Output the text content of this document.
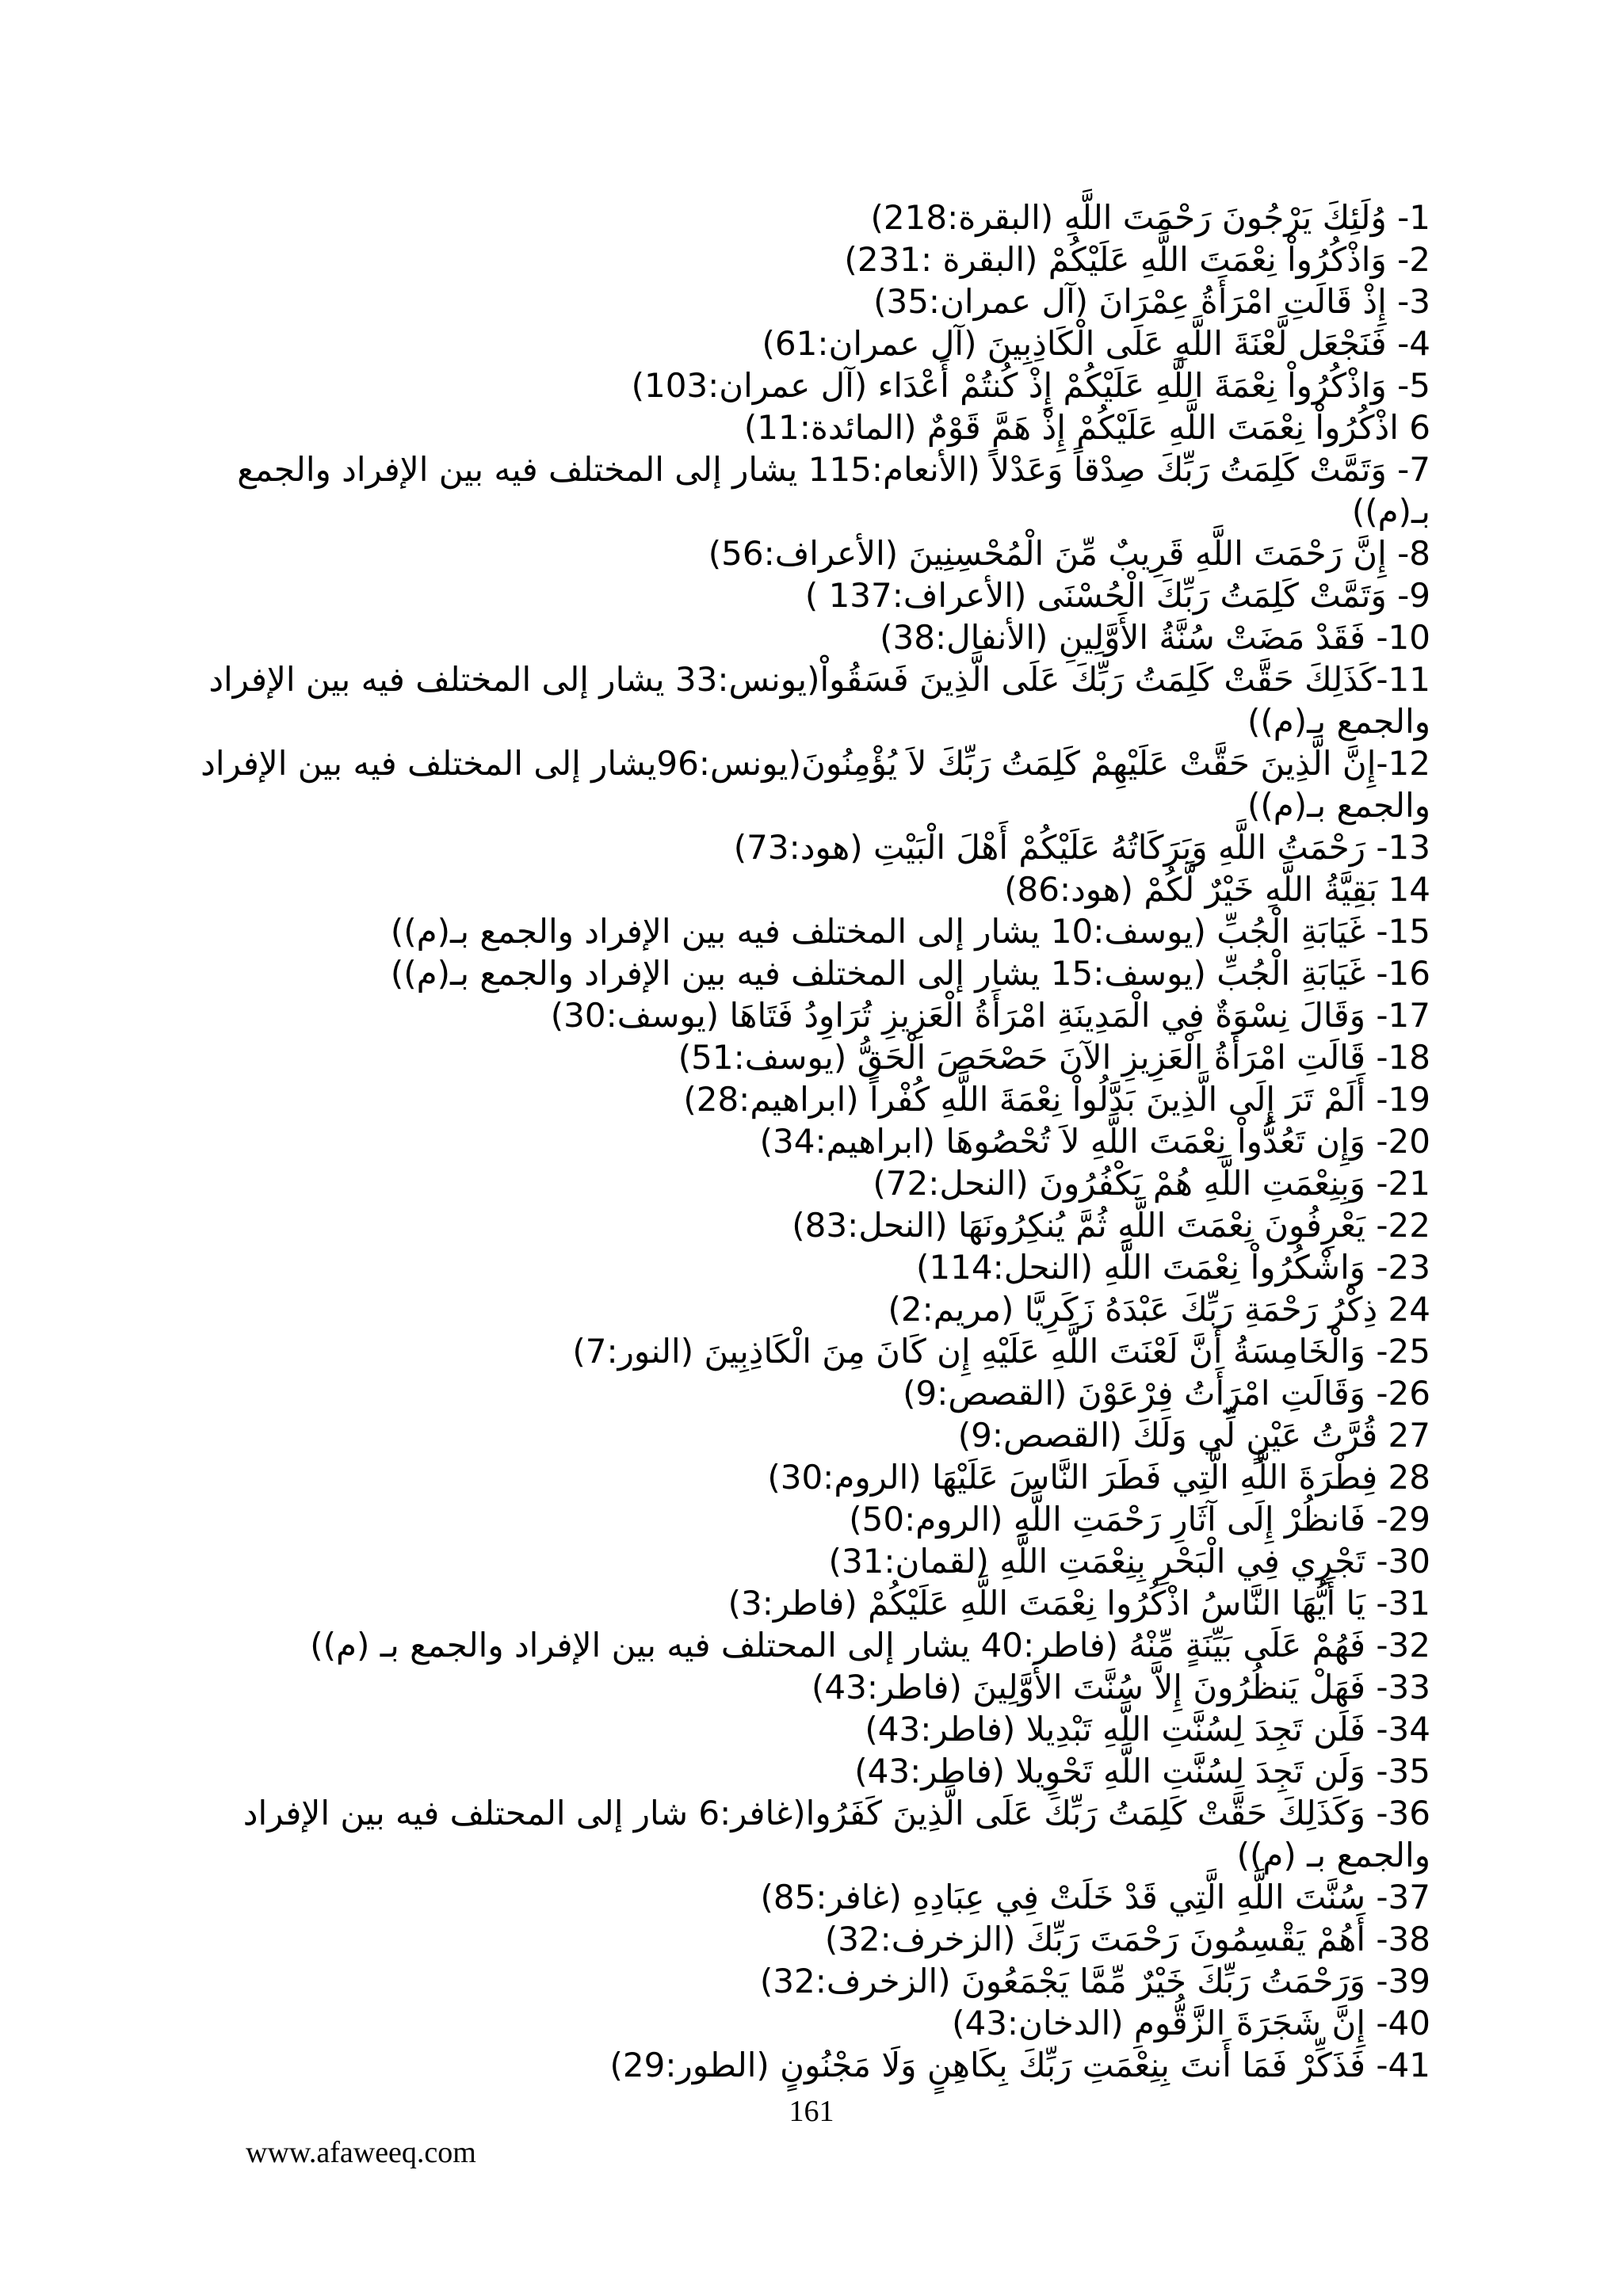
1- وُلَئِكَ يَرْجُونَ رَحْمَتَ اللَّهِ (البقرة:218)

2- وَاذْكُرُواْ نِعْمَتَ اللَّهِ عَلَيْكُمْ (البقرة :231)

3- إِذْ قَالَتِ امْرَأَةُ عِمْرَانَ (آل عمران:35)

4- فَنَجْعَل لَّعْنَةَ اللَّهِ عَلَى الْكَاذِبِينَ (آل عمران:61)

5- وَاذْكُرُواْ نِعْمَةَ اللَّهِ عَلَيْكُمْ إِذْ كُنتُمْ أَعْدَاء (آل عمران:103)

6 اذْكُرُواْ نِعْمَتَ اللَّهِ عَلَيْكُمْ إِذْ هَمَّ قَوْمٌ (المائدة:11)

7- وَتَمَّتْ كَلِمَتُ رَبِّكَ صِدْقاً وَعَدْلاً (الأنعام:115 يشار إلى المختلف فيه بين الإفراد والجمع بـ(م))

8- إِنَّ رَحْمَتَ اللَّهِ قَرِيبٌ مِّنَ الْمُحْسِنِينَ (الأعراف:56)

9- وَتَمَّتْ كَلِمَتُ رَبِّكَ الْحُسْنَى (الأعراف:137 )

10- فَقَدْ مَضَتْ سُنَّةُ الأَوَّلِينِ (الأنفال:38)

11-كَذَلِكَ حَقَّتْ كَلِمَتُ رَبِّكَ عَلَى الَّذِينَ فَسَقُواْ(يونس:33 يشار إلى المختلف فيه بين الإفراد والجمع بـ(م))

12-إِنَّ الَّذِينَ حَقَّتْ عَلَيْهِمْ كَلِمَتُ رَبِّكَ لاَ يُؤْمِنُونَ(يونس:96يشار إلى المختلف فيه بين الإفراد والجمع بـ(م))

13- رَحْمَتُ اللَّهِ وَبَرَكَاتُهُ عَلَيْكُمْ أَهْلَ الْبَيْتِ (هود:73)

14 بَقِيَّةُ اللَّهِ خَيْرٌ لَّكُمْ (هود:86)

15- غَيَابَةِ الْجُبِّ (يوسف:10 يشار إلى المختلف فيه بين الإفراد والجمع بـ(م))

16- غَيَابَةِ الْجُبِّ (يوسف:15 يشار إلى المختلف فيه بين الإفراد والجمع بـ(م))

17- وَقَالَ نِسْوَةٌ فِي الْمَدِينَةِ امْرَأَةُ الْعَزِيزِ تُرَاوِدُ فَتَاهَا (يوسف:30)

18- قَالَتِ امْرَأَةُ الْعَزِيزِ الآنَ حَصْحَصَ الْحَقُّ (يوسف:51)

19- أَلَمْ تَرَ إِلَى الَّذِينَ بَدَّلُواْ نِعْمَةَ اللَّهِ كُفْراً (ابراهيم:28)

20- وَإِن تَعُدُّواْ نِعْمَتَ اللَّهِ لاَ تُحْصُوهَا (ابراهيم:34)

21- وَبِنِعْمَتِ اللَّهِ هُمْ يَكْفُرُونَ (النحل:72)

22- يَعْرِفُونَ نِعْمَتَ اللَّهِ ثُمَّ يُنكِرُونَهَا (النحل:83)

23- وَاشْكُرُواْ نِعْمَتَ اللَّهِ (النحل:114)

24 ذِكْرُ رَحْمَةِ رَبِّكَ عَبْدَهُ زَكَرِيَّا (مريم:2)

25- وَالْخَامِسَةُ أَنَّ لَعْنَتَ اللَّهِ عَلَيْهِ إِن كَانَ مِنَ الْكَاذِبِينَ (النور:7)

26- وَقَالَتِ امْرَأَتُ فِرْعَوْنَ (القصص:9)

27 قُرَّتُ عَيْنٍ لِّي وَلَكَ (القصص:9)

28 فِطْرَةَ اللَّهِ الَّتِي فَطَرَ النَّاسَ عَلَيْهَا (الروم:30)

29- فَانظُرْ إِلَى آثَارِ رَحْمَتِ اللَّهِ (الروم:50)

30- تَجْرِي فِي الْبَحْرِ بِنِعْمَتِ اللَّهِ (لقمان:31)

31- يَا أَيُّهَا النَّاسُ اذْكُرُوا نِعْمَتَ اللَّهِ عَلَيْكُمْ (فاطر:3)

32- فَهُمْ عَلَى بَيِّنَةٍ مِّنْهُ (فاطر:40 يشار إلى المحتلف فيه بين الإفراد والجمع بـ (م))

33- فَهَلْ يَنظُرُونَ إِلاَّ سُنَّتَ الأَوَّلِينَ (فاطر:43)

34- فَلَن تَجِدَ لِسُنَّتِ اللَّهِ تَبْدِيلا (فاطر:43)

35- وَلَن تَجِدَ لِسُنَّتِ اللَّهِ تَحْوِيلا (فاطر:43)

36- وَكَذَلِكَ حَقَّتْ كَلِمَتُ رَبِّكَ عَلَى الَّذِينَ كَفَرُوا(غافر:6 شار إلى المحتلف فيه بين الإفراد والجمع بـ (م))

37- سُنَّتَ اللَّهِ الَّتِي قَدْ خَلَتْ فِي عِبَادِهِ (غافر:85)

38- أَهُمْ يَقْسِمُونَ رَحْمَتَ رَبِّكَ (الزخرف:32)

39- وَرَحْمَتُ رَبِّكَ خَيْرٌ مِّمَّا يَجْمَعُونَ (الزخرف:32)

40- إِنَّ شَجَرَةَ الزَّقُّومِ (الدخان:43)

41- فَذَكِّرْ فَمَا أَنتَ بِنِعْمَتِ رَبِّكَ بِكَاهِنٍ وَلَا مَجْنُونٍ (الطور:29)

161
www.afaweeq.com
